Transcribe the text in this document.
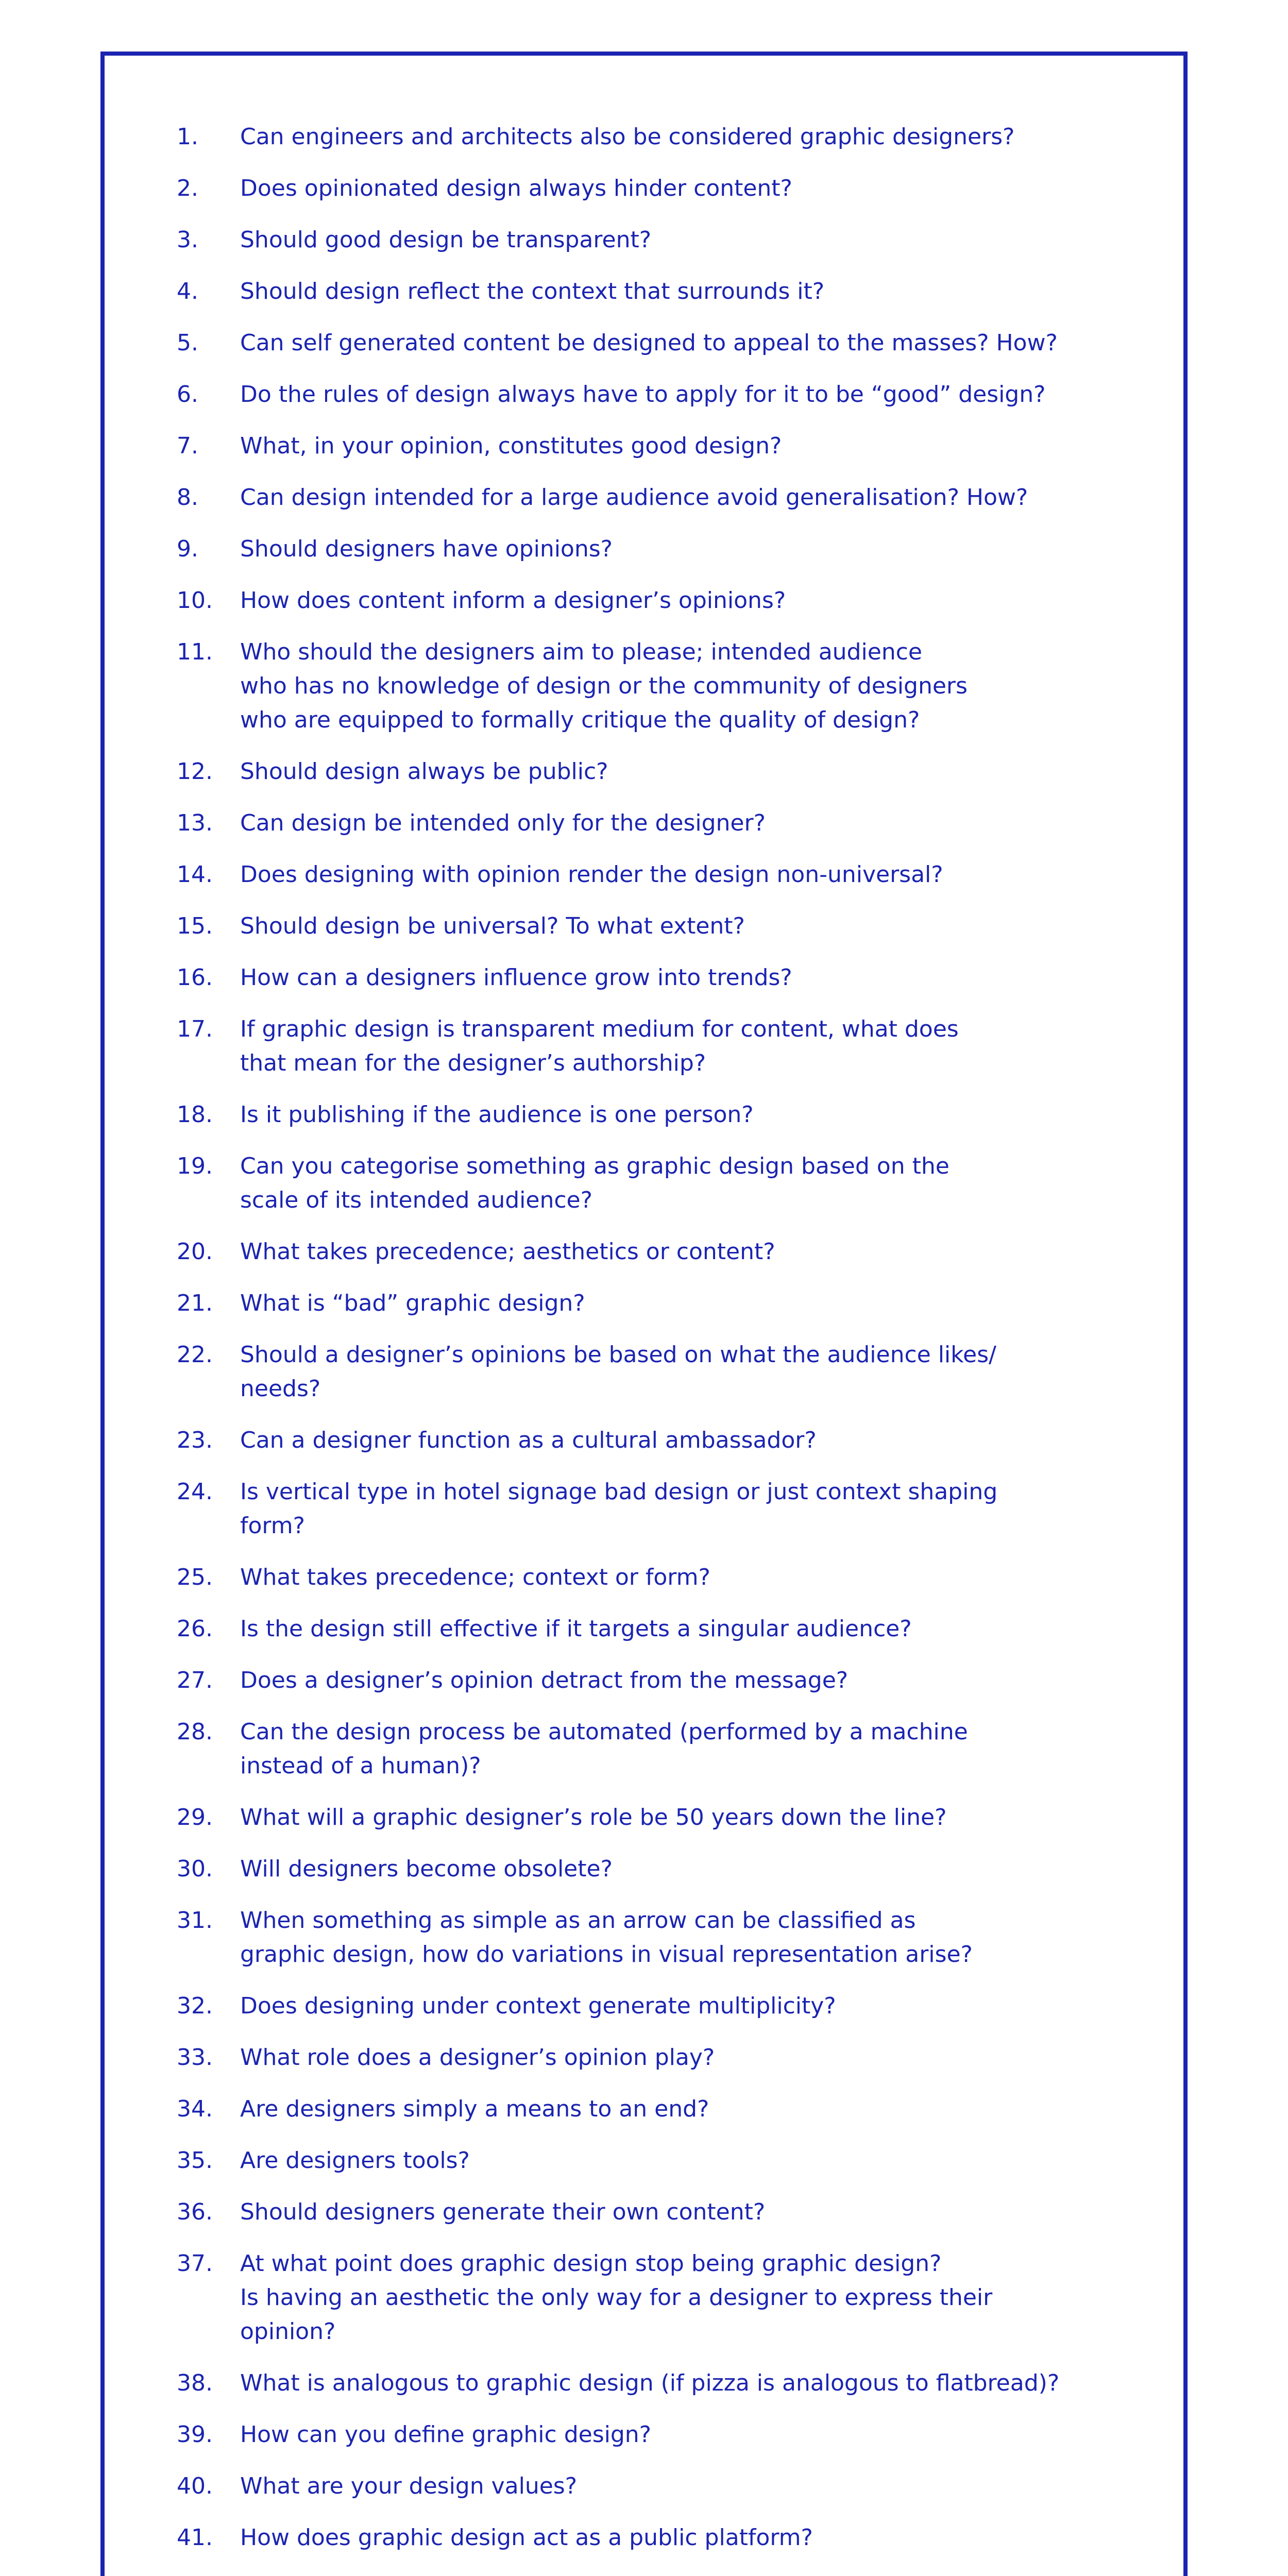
1.	Can engineers and architects also be considered graphic designers?
2.	Does opinionated design always hinder content?
3.	Should good design be transparent?
4.	Should design reflect the context that surrounds it?
5.	Can self generated content be designed to appeal to the masses? How?
6.	Do the rules of design always have to apply for it to be “good” design?
7.	What, in your opinion, constitutes good design?
8.	Can design intended for a large audience avoid generalisation? How?
9.	Should designers have opinions?
10.	How does content inform a designer’s opinions?
11.	Who should the designers aim to please; intended audience
who has no knowledge of design or the community of designers
who are equipped to formally critique the quality of design?
12.	Should design always be public?
13.	Can design be intended only for the designer?
14.	Does designing with opinion render the design non-universal?
15.	Should design be universal? To what extent?
16.	How can a designers influence grow into trends?
17.	If graphic design is transparent medium for content, what does
that mean for the designer’s authorship?
18.	Is it publishing if the audience is one person?
19.	Can you categorise something as graphic design based on the
scale of its intended audience?
20.	What takes precedence; aesthetics or content?
21.	What is “bad” graphic design?
22.	Should a designer’s opinions be based on what the audience likes/
needs?
23.	Can a designer function as a cultural ambassador?
24.	Is vertical type in hotel signage bad design or just context shaping
form?
25.	What takes precedence; context or form?
26.	Is the design still effective if it targets a singular audience?
27.	Does a designer’s opinion detract from the message?
28.	Can the design process be automated (performed by a machine
instead of a human)?
29.	What will a graphic designer’s role be 50 years down the line?
30.	Will designers become obsolete?
31.	When something as simple as an arrow can be classified as
graphic design, how do variations in visual representation arise?
32.	Does designing under context generate multiplicity?
33.	What role does a designer’s opinion play?
34.	Are designers simply a means to an end?
35.	Are designers tools?
36.	Should designers generate their own content?
37.	At what point does graphic design stop being graphic design?
Is having an aesthetic the only way for a designer to express their
opinion?
38.	What is analogous to graphic design (if pizza is analogous to flatbread)?
39.	How can you define graphic design?
40.	What are your design values?
41.	How does graphic design act as a public platform?
